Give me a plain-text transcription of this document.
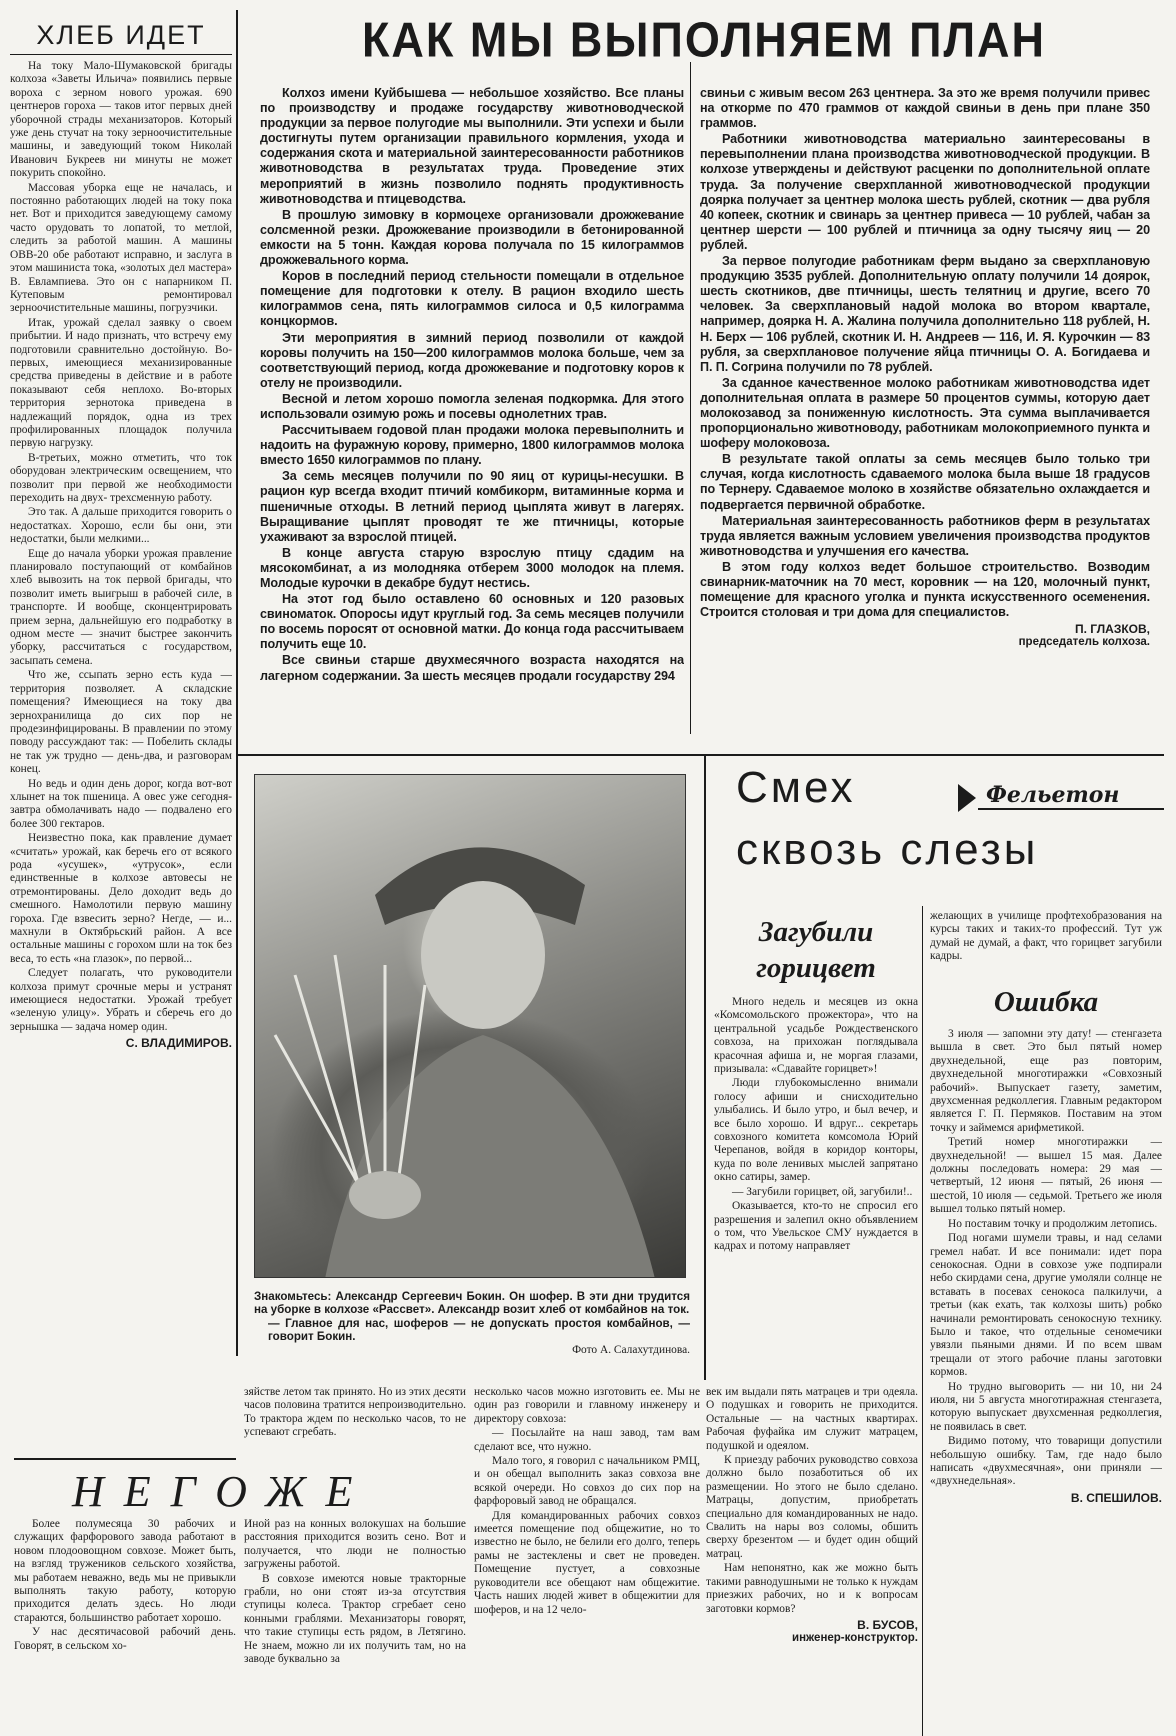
ХЛЕБ ИДЕТ

На току Мало-Шумаковской бригады колхоза «Заветы Ильича» появились первые вороха с зерном нового урожая. 690 центнеров гороха — таков итог первых дней уборочной страды механизаторов. Который уже день стучат на току зерноочистительные машины, и заведующий током Николай Иванович Букреев ни минуты не может покурить спокойно.

Массовая уборка еще не началась, и постоянно работающих людей на току пока нет. Вот и приходится заведующему самому часто орудовать то лопатой, то метлой, следить за работой машин. А машины ОВВ-20 обе работают исправно, и заслуга в этом машиниста тока, «золотых дел мастера» В. Евлампиева. Это он с напарником П. Кутеповым ремонтировал зерноочистительные машины, погрузчики.

Итак, урожай сделал заявку о своем прибытии. И надо признать, что встречу ему подготовили сравнительно достойную. Во-первых, имеющиеся механизированные средства приведены в действие и в работе показывают себя неплохо. Во-вторых территория зернотока приведена в надлежащий порядок, одна из трех профилированных площадок получила первую нагрузку.

В-третьих, можно отметить, что ток оборудован электрическим освещением, что позволит при первой же необходимости переходить на двух- трехсменную работу.

Это так. А дальше приходится говорить о недостатках. Хорошо, если бы они, эти недостатки, были мелкими...

Еще до начала уборки урожая правление планировало поступающий от комбайнов хлеб вывозить на ток первой бригады, что позволит иметь выигрыш в рабочей силе, в транспорте. И вообще, сконцентрировать прием зерна, дальнейшую его подработку в одном месте — значит быстрее закончить уборку, рассчитаться с государством, засыпать семена.

Что же, ссыпать зерно есть куда — территория позволяет. А складские помещения? Имеющиеся на току два зернохранилища до сих пор не продезинфицированы. В правлении по этому поводу рассуждают так: — Побелить склады не так уж трудно — день-два, и разговорам конец.

Но ведь и один день дорог, когда вот-вот хлынет на ток пшеница. А овес уже сегодня-завтра обмолачивать надо — подвалено его более 300 гектаров.

Неизвестно пока, как правление думает «считать» урожай, как беречь его от всякого рода «усушек», «утрусок», если единственные в колхозе автовесы не отремонтированы. Дело доходит ведь до смешного. Намолотили первую машину гороха. Где взвесить зерно? Негде, — и... махнули в Октябрьский район. А все остальные машины с горохом шли на ток без веса, то есть «на глазок», по первой...

Следует полагать, что руководители колхоза примут срочные меры и устранят имеющиеся недостатки. Урожай требует «зеленую улицу». Убрать и сберечь его до зернышка — задача номер один.

С. ВЛАДИМИРОВ.
КАК МЫ ВЫПОЛНЯЕМ ПЛАН

Колхоз имени Куйбышева — небольшое хозяйство. Все планы по производству и продаже государству животноводческой продукции за первое полугодие мы выполнили. Эти успехи и были достигнуты путем организации правильного кормления, ухода и содержания скота и материальной заинтересованности работников животноводства в результатах труда. Проведение этих мероприятий в жизнь позволило поднять продуктивность животноводства и птицеводства.

В прошлую зимовку в кормоцехе организовали дрожжевание солсменной резки. Дрожжевание производили в бетонированной емкости на 5 тонн. Каждая корова получала по 15 килограммов дрожжевального корма.

Коров в последний период стельности помещали в отдельное помещение для подготовки к отелу. В рацион входило шесть килограммов сена, пять килограммов силоса и 0,5 килограмма концкормов.

Эти мероприятия в зимний период позволили от каждой коровы получить на 150—200 килограммов молока больше, чем за соответствующий период, когда дрожжевание и подготовку коров к отелу не производили.

Весной и летом хорошо помогла зеленая подкормка. Для этого использовали озимую рожь и посевы однолетних трав.

Рассчитываем годовой план продажи молока перевыполнить и надоить на фуражную корову, примерно, 1800 килограммов молока вместо 1650 килограммов по плану.

За семь месяцев получили по 90 яиц от курицы-несушки. В рацион кур всегда входит птичий комбикорм, витаминные корма и пшеничные отходы. В летний период цыплята живут в лагерях. Выращивание цыплят проводят те же птичницы, которые ухаживают за взрослой птицей.

В конце августа старую взрослую птицу сдадим на мясокомбинат, а из молодняка отберем 3000 молодок на племя. Молодые курочки в декабре будут нестись.

На этот год было оставлено 60 основных и 120 разовых свиноматок. Опоросы идут круглый год. За семь месяцев получили по восемь поросят от основной матки. До конца года рассчитываем получить еще 10.

Все свиньи старше двухмесячного возраста находятся на лагерном содержании. За шесть месяцев продали государству 294

свиньи с живым весом 263 центнера. За это же время получили привес на откорме по 470 граммов от каждой свиньи в день при плане 350 граммов.

Работники животноводства материально заинтересованы в перевыполнении плана производства животноводческой продукции. В колхозе утверждены и действуют расценки по дополнительной оплате труда. За получение сверхпланной животноводческой продукции доярка получает за центнер молока шесть рублей, скотник — два рубля 40 копеек, скотник и свинарь за центнер привеса — 10 рублей, чабан за центнер шерсти — 100 рублей и птичница за одну тысячу яиц — 20 рублей.

За первое полугодие работникам ферм выдано за сверхплановую продукцию 3535 рублей. Дополнительную оплату получили 14 доярок, шесть скотников, две птичницы, шесть телятниц и другие, всего 70 человек. За сверхплановый надой молока во втором квартале, например, доярка Н. А. Жалина получила дополнительно 118 рублей, Н. Н. Берх — 106 рублей, скотник И. Н. Андреев — 116, И. Я. Курочкин — 83 рубля, за сверхплановое получение яйца птичницы О. А. Богидаева и П. П. Согрина получили по 78 рублей.

За сданное качественное молоко работникам животноводства идет дополнительная оплата в размере 50 процентов суммы, которую дает молокозавод за пониженную кислотность. Эта сумма выплачивается пропорционально животноводу, работникам молокоприемного пункта и шоферу молоковоза.

В результате такой оплаты за семь месяцев было только три случая, когда кислотность сдаваемого молока была выше 18 градусов по Тернеру. Сдаваемое молоко в хозяйстве обязательно охлаждается и подвергается первичной обработке.

Материальная заинтересованность работников ферм в результатах труда является важным условием увеличения производства продуктов животноводства и улучшения его качества.

В этом году колхоз ведет большое строительство. Возводим свинарник-маточник на 70 мест, коровник — на 120, молочный пункт, помещение для красного уголка и пункта искусственного осеменения. Строится столовая и три дома для специалистов.

П. ГЛАЗКОВ,
председатель колхоза.
Знакомьтесь: Александр Сергеевич Бокин. Он шофер. В эти дни трудится на уборке в колхозе «Рассвет». Александр возит хлеб от комбайнов на ток.
— Главное для нас, шоферов — не допускать простоя комбайнов, — говорит Бокин.
Фото А. Салахутдинова.
Смех
сквозь слезы
Фельетон
Загубили
горицвет

Много недель и месяцев из окна «Комсомольского прожектора», что на центральной усадьбе Рождественского совхоза, на прихожан поглядывала красочная афиша и, не моргая глазами, призывала: «Сдавайте горицвет»!

Люди глубокомысленно внимали голосу афиши и снисходительно улыбались. И было утро, и был вечер, и все было хорошо. И вдруг... секретарь совхозного комитета комсомола Юрий Черепанов, войдя в коридор конторы, куда по воле ленивых мыслей запрятано окно сатиры, замер.

— Загубили горицвет, ой, загубили!..

Оказывается, кто-то не спросил его разрешения и залепил окно объявлением о том, что Увельское СМУ нуждается в кадрах и потому направляет

желающих в училище профтехобразования на курсы таких и таких-то профессий. Тут уж думай не думай, а факт, что горицвет загубили кадры.

Ошибка

3 июля — запомни эту дату! — стенгазета вышла в свет. Это был пятый номер двухнедельной, еще раз повторим, двухнедельной многотиражки «Совхозный рабочий». Выпускает газету, заметим, двухсменная редколлегия. Главным редактором является Г. П. Пермяков. Поставим на этом точку и займемся арифметикой.

Третий номер многотиражки — двухнедельной! — вышел 15 мая. Далее должны последовать номера: 29 мая — четвертый, 12 июня — пятый, 26 июня — шестой, 10 июля — седьмой. Третьего же июля вышел только пятый номер.

Но поставим точку и продолжим летопись.

Под ногами шумели травы, и над селами гремел набат. И все понимали: идет пора сенокосная. Одни в совхозе уже подпирали небо скирдами сена, другие умоляли солнце не вставать в посевах сенокоса палкилучи, а третьи (как ехать, так колхозы шить) робко начинали ремонтировать сенокосную технику. Было и такое, что отдельные сеномечики увязли пьяными днями. И по всем швам трещали от этого рабочие планы заготовки кормов.

Но трудно выговорить — ни 10, ни 24 июля, ни 5 августа многотиражная стенгазета, которую выпускает двухсменная редколлегия, не появилась в свет.

Видимо потому, что товарищи допустили небольшую ошибку. Там, где надо было написать «двухмесячная», они приняли — «двухнедельная».

В. СПЕШИЛОВ.

зяйстве летом так принято. Но из этих десяти часов половина тратится непроизводительно. То трактора ждем по несколько часов, то не успевают сгребать.

несколько часов можно изготовить ее. Мы не один раз говорили и главному инженеру и директору совхоза:

— Посылайте на наш завод, там вам сделают все, что нужно.

Мало того, я говорил с начальником РМЦ, и он обещал выполнить заказ совхоза вне всякой очереди. Но совхоз до сих пор на фарфоровый завод не обращался.

Для командированных рабочих совхоз имеется помещение под общежитие, но то известно не было, не белили его долго, теперь рамы не застеклены и свет не проведен. Помещение пустует, а совхозные руководители все обещают нам общежитие. Часть наших людей живет в общежитии для шоферов, и на 12 чело-

НЕГОЖЕ

Более полумесяца 30 рабочих и служащих фарфорового завода работают в новом плодоовощном совхозе. Может быть, на взгляд тружеников сельского хозяйства, мы работаем неважно, ведь мы не привыкли выполнять такую работу, которую приходится делать здесь. Но люди стараются, большинство работает хорошо.

У нас десятичасовой рабочий день. Говорят, в сельском хо-

Иной раз на конных волокушах на большие расстояния приходится возить сено. Вот и получается, что люди не полностью загружены работой.

В совхозе имеются новые тракторные грабли, но они стоят из-за отсутствия ступицы колеса. Трактор сгребает сено конными граблями. Механизаторы говорят, что такие ступицы есть рядом, в Летягино. Не знаем, можно ли их получить там, но на заводе буквально за

век им выдали пять матрацев и три одеяла. О подушках и говорить не приходится. Остальные — на частных квартирах. Рабочая фуфайка им служит матрацем, подушкой и одеялом.

К приезду рабочих руководство совхоза должно было позаботиться об их размещении. Но этого не было сделано. Матрацы, допустим, приобретать специально для командированных не надо. Свалить на нары воз соломы, обшить сверху брезентом — и будет один общий матрац.

Нам непонятно, как же можно быть такими равнодушными не только к нуждам приезжих рабочих, но и к вопросам заготовки кормов?

В. БУСОВ,
инженер-конструктор.
